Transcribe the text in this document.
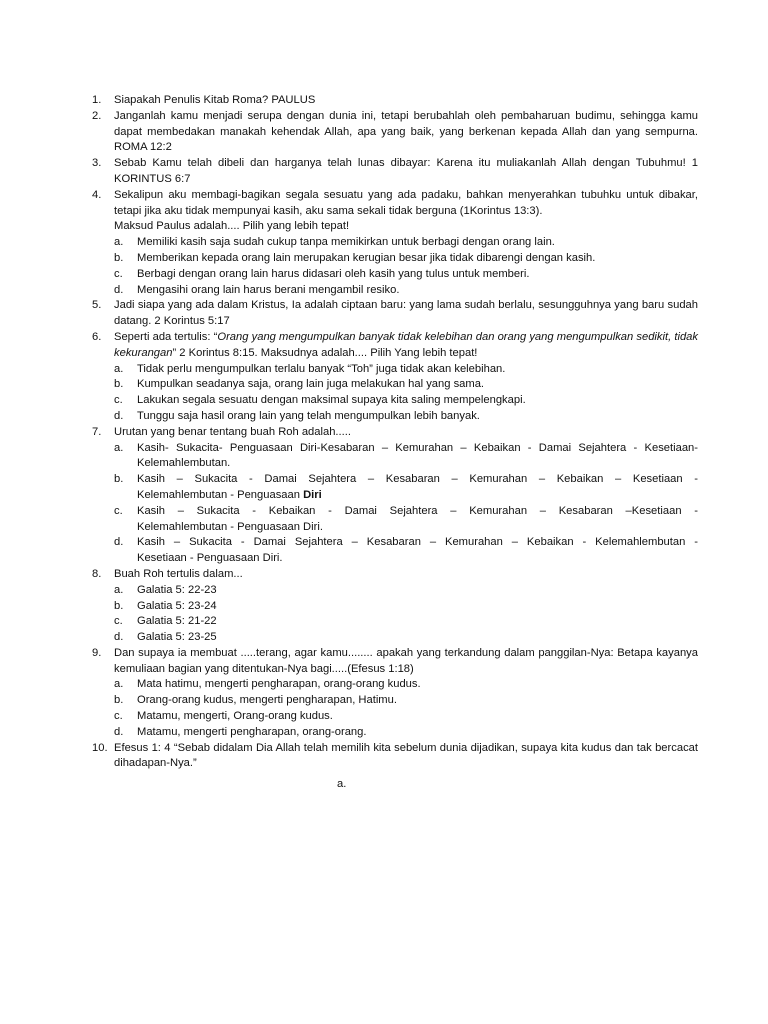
1. Siapakah Penulis Kitab Roma? PAULUS
2. Janganlah kamu menjadi serupa dengan dunia ini, tetapi berubahlah oleh pembaharuan budimu, sehingga kamu dapat membedakan manakah kehendak Allah, apa yang baik, yang berkenan kepada Allah dan yang sempurna. ROMA 12:2
3. Sebab Kamu telah dibeli dan harganya telah lunas dibayar: Karena itu muliakanlah Allah dengan Tubuhmu! 1 KORINTUS 6:7
4. Sekalipun aku membagi-bagikan segala sesuatu yang ada padaku, bahkan menyerahkan tubuhku untuk dibakar, tetapi jika aku tidak mempunyai kasih, aku sama sekali tidak berguna (1Korintus 13:3).
Maksud Paulus adalah.... Pilih yang lebih tepat!
a. Memiliki kasih saja sudah cukup tanpa memikirkan untuk berbagi dengan orang lain.
b. Memberikan kepada orang lain merupakan kerugian besar jika tidak dibarengi dengan kasih.
c. Berbagi dengan orang lain harus didasari oleh kasih yang tulus untuk memberi.
d. Mengasihi orang lain harus berani mengambil resiko.
5. Jadi siapa yang ada dalam Kristus, Ia adalah ciptaan baru: yang lama sudah berlalu, sesungguhnya yang baru sudah datang. 2 Korintus 5:17
6. Seperti ada tertulis: “Orang yang mengumpulkan banyak tidak kelebihan dan orang yang mengumpulkan sedikit, tidak kekurangan” 2 Korintus 8:15. Maksudnya adalah.... Pilih Yang lebih tepat!
a. Tidak perlu mengumpulkan terlalu banyak “Toh” juga tidak akan kelebihan.
b. Kumpulkan seadanya saja, orang lain juga melakukan hal yang sama.
c. Lakukan segala sesuatu dengan maksimal supaya kita saling mempelengkapi.
d. Tunggu saja hasil orang lain yang telah mengumpulkan lebih banyak.
7. Urutan yang benar tentang buah Roh adalah.....
a. Kasih- Sukacita- Penguasaan Diri-Kesabaran – Kemurahan – Kebaikan - Damai Sejahtera - Kesetiaan-
Kelemahlembutan.
b. Kasih – Sukacita - Damai Sejahtera – Kesabaran – Kemurahan – Kebaikan – Kesetiaan -
Kelemahlembutan - Penguasaan Diri
c. Kasih – Sukacita - Kebaikan - Damai Sejahtera – Kemurahan – Kesabaran –Kesetiaan -
Kelemahlembutan - Penguasaan Diri.
d. Kasih – Sukacita - Damai Sejahtera – Kesabaran – Kemurahan – Kebaikan - Kelemahlembutan -
Kesetiaan - Penguasaan Diri.
8. Buah Roh tertulis dalam...
a. Galatia 5: 22-23
b. Galatia 5: 23-24
c. Galatia 5: 21-22
d. Galatia 5: 23-25
9. Dan supaya ia membuat .....terang, agar kamu........ apakah yang terkandung dalam panggilan-Nya: Betapa kayanya kemuliaan bagian yang ditentukan-Nya bagi.....(Efesus 1:18)
a. Mata hatimu, mengerti pengharapan, orang-orang kudus.
b. Orang-orang kudus, mengerti pengharapan, Hatimu.
c. Matamu, mengerti, Orang-orang kudus.
d. Matamu, mengerti pengharapan, orang-orang.
10. Efesus 1: 4 “Sebab didalam Dia Allah telah memilih kita sebelum dunia dijadikan, supaya kita kudus dan tak bercacat dihadapan-Nya.”
a.
